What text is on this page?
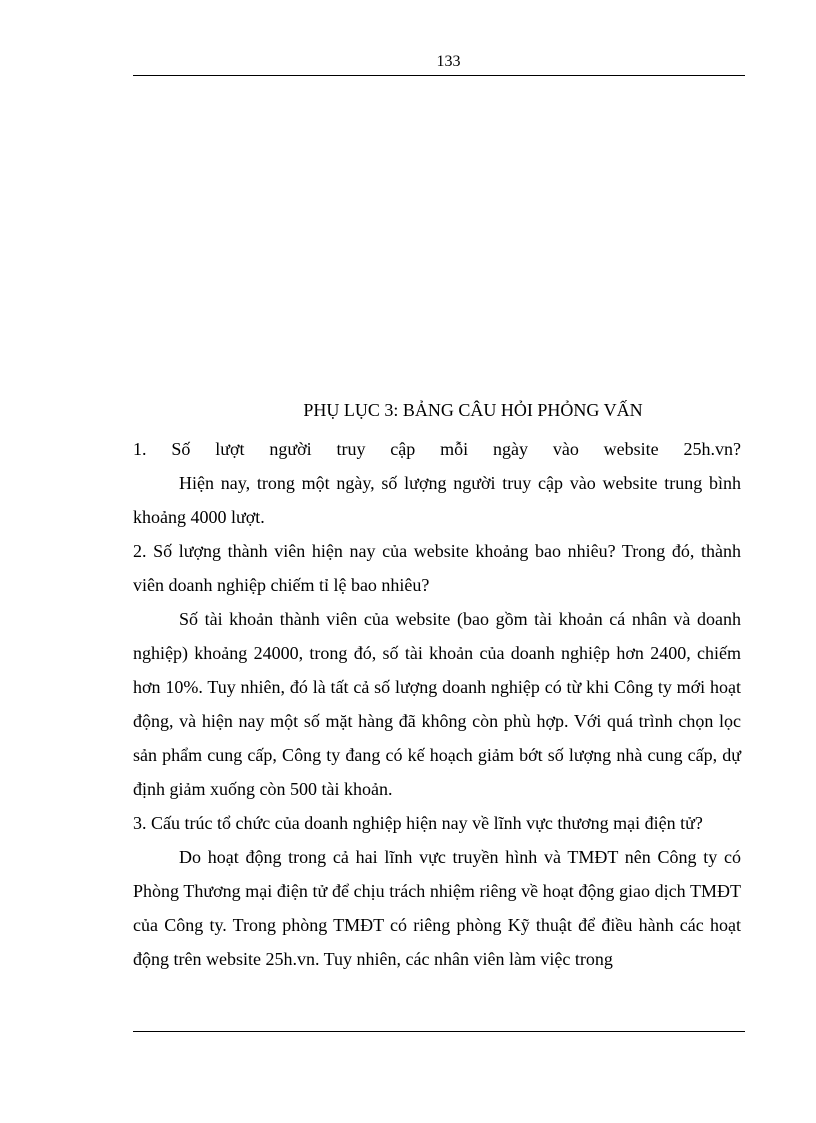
133
PHỤ LỤC 3: BẢNG CÂU HỎI PHỎNG VẤN

1. Số lượt người truy cập mỗi ngày vào website 25h.vn?

Hiện nay, trong một ngày, số lượng người truy cập vào website trung bình khoảng 4000 lượt.

2. Số lượng thành viên hiện nay của website khoảng bao nhiêu? Trong đó, thành viên doanh nghiệp chiếm tỉ lệ bao nhiêu?

Số tài khoản thành viên của website (bao gồm tài khoản cá nhân và doanh nghiệp) khoảng 24000, trong đó, số tài khoản của doanh nghiệp hơn 2400, chiếm hơn 10%. Tuy nhiên, đó là tất cả số lượng doanh nghiệp có từ khi Công ty mới hoạt động, và hiện nay một số mặt hàng đã không còn phù hợp. Với quá trình chọn lọc sản phẩm cung cấp, Công ty đang có kế hoạch giảm bớt số lượng nhà cung cấp, dự định giảm xuống còn 500 tài khoản.

3. Cấu trúc tổ chức của doanh nghiệp hiện nay về lĩnh vực thương mại điện tử?

Do hoạt động trong cả hai lĩnh vực truyền hình và TMĐT nên Công ty có Phòng Thương mại điện tử để chịu trách nhiệm riêng về hoạt động giao dịch TMĐT của Công ty. Trong phòng TMĐT có riêng phòng Kỹ thuật để điều hành các hoạt động trên website 25h.vn. Tuy nhiên, các nhân viên làm việc trong
